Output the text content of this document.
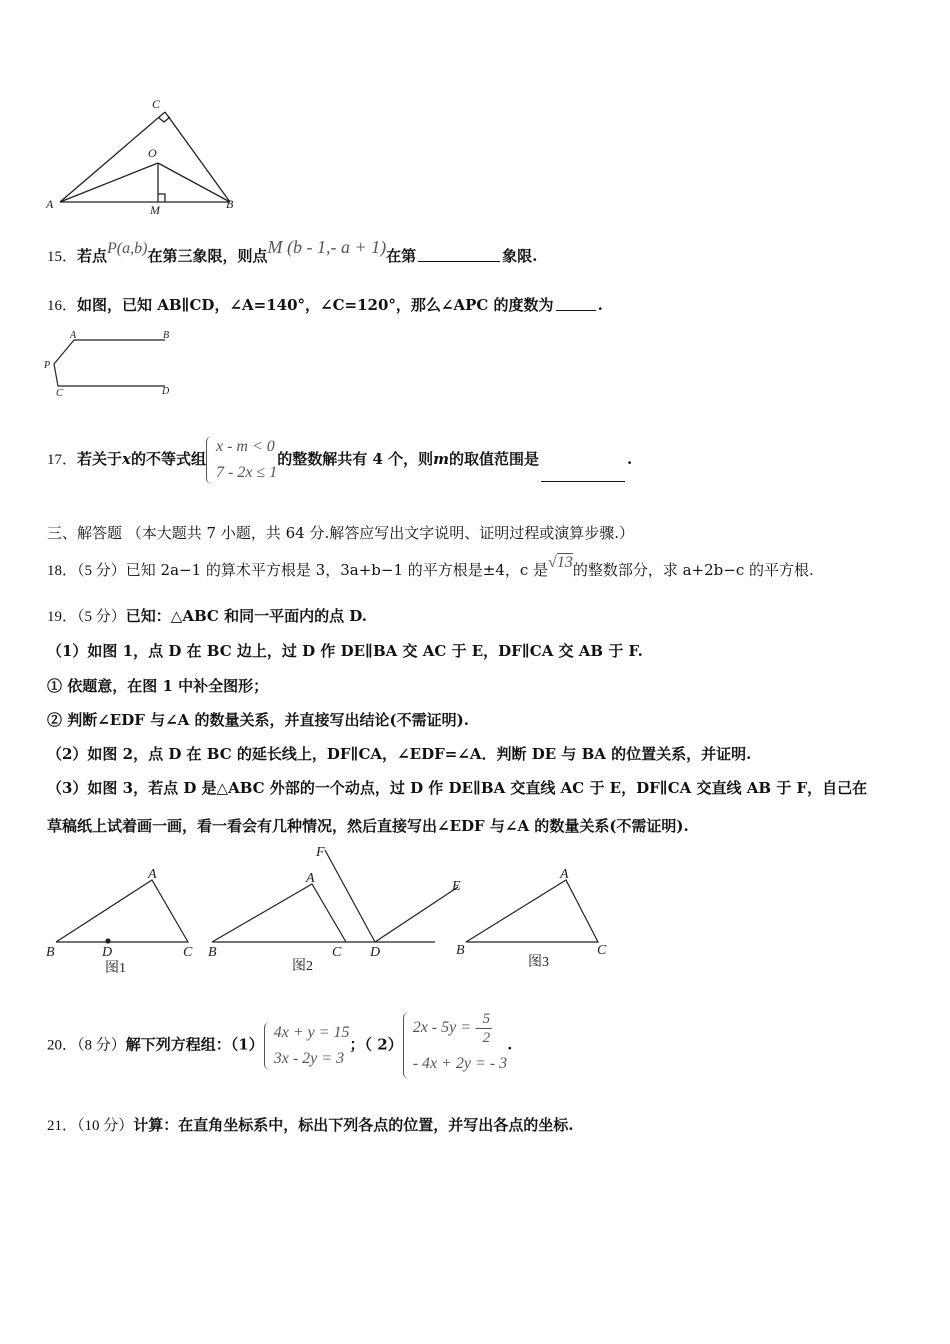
C
O
A	M	B
15．若点P(a,b)在第三象限，则点M (b - 1,- a + 1)在第	象限.
16．如图，已知 AB∥CD，∠A=140°，∠C=120°，那么∠APC 的度数为	.
A	B
P
C	D
17．若关于x的不等式组
x - m < 0
7 - 2x ≤ 1的整数解共有 4 个，则m的取值范围是	.
三、解答题 （本大题共 7 小题，共 64 分.解答应写出文字说明、证明过程或演算步骤.）
18．（5 分）已知 2a−1 的算术平方根是 3，3a+b−1 的平方根是±4，c 是√13的整数部分，求 a+2b−c 的平方根.
19．（5 分）已知：△ABC 和同一平面内的点 D.
（1）如图 1，点 D 在 BC 边上，过 D 作 DE∥BA 交 AC 于 E，DF∥CA 交 AB 于 F.
① 依题意，在图 1 中补全图形；
② 判断∠EDF 与∠A 的数量关系，并直接写出结论(不需证明).
（2）如图 2，点 D 在 BC 的延长线上，DF∥CA，∠EDF=∠A．判断 DE 与 BA 的位置关系，并证明.
（3）如图 3，若点 D 是△ABC 外部的一个动点，过 D 作 DE∥BA 交直线 AC 于 E，DF∥CA 交直线 AB 于 F，自己在
草稿纸上试着画一画，看一看会有几种情况，然后直接写出∠EDF 与∠A 的数量关系(不需证明).
A
B	C
D
图1
F
A
E
B	C D
图2
A
B	C
图3
20．（8 分）解下列方程组：（1）
4x + y = 15
3x - 2y = 3；（ 2）
2x - 5y = - $\frac{5}{2}$

- 4x + 2y = - 3.
21．（10 分）计算：在直角坐标系中，标出下列各点的位置，并写出各点的坐标.
